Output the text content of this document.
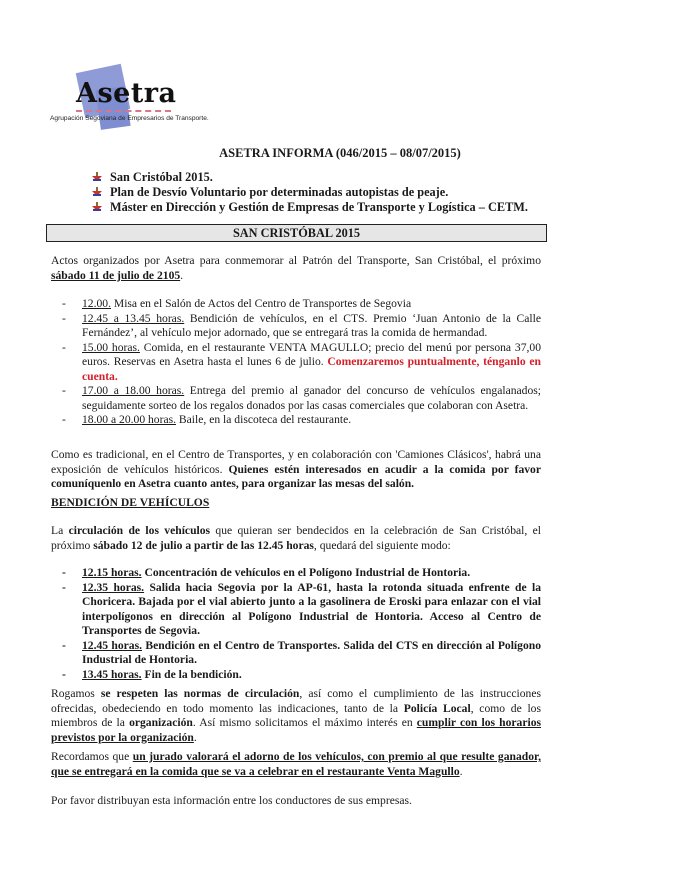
Asetra
Agrupación Segoviana de Empresarios de Transporte.
ASETRA INFORMA (046/2015 – 08/07/2015)
San Cristóbal 2015.
Plan de Desvío Voluntario por determinadas autopistas de peaje.
Máster en Dirección y Gestión de Empresas de Transporte y Logística – CETM.
SAN CRISTÓBAL 2015
Actos organizados por Asetra para conmemorar al Patrón del Transporte, San Cristóbal, el próximo sábado 11 de julio de 2105.
-	12.00. Misa en el Salón de Actos del Centro de Transportes de Segovia
-	12.45 a 13.45 horas. Bendición de vehículos, en el CTS. Premio ‘Juan Antonio de la Calle Fernández’, al vehículo mejor adornado, que se entregará tras la comida de hermandad.
-	15.00 horas. Comida, en el restaurante VENTA MAGULLO; precio del menú por persona 37,00 euros. Reservas en Asetra hasta el lunes 6 de julio. Comenzaremos puntualmente, ténganlo en cuenta.
-	17.00 a 18.00 horas. Entrega del premio al ganador del concurso de vehículos engalanados; seguidamente sorteo de los regalos donados por las casas comerciales que colaboran con Asetra.
-	18.00 a 20.00 horas. Baile, en la discoteca del restaurante.
Como es tradicional, en el Centro de Transportes, y en colaboración con 'Camiones Clásicos', habrá una exposición de vehículos históricos. Quienes estén interesados en acudir a la comida por favor comuníquenlo en Asetra cuanto antes, para organizar las mesas del salón.
BENDICIÓN DE VEHÍCULOS
La circulación de los vehículos que quieran ser bendecidos en la celebración de San Cristóbal, el próximo sábado 12 de julio a partir de las 12.45 horas, quedará del siguiente modo:
-	12.15 horas. Concentración de vehículos en el Polígono Industrial de Hontoria.
-	12.35 horas. Salida hacia Segovia por la AP-61, hasta la rotonda situada enfrente de la Choricera. Bajada por el vial abierto junto a la gasolinera de Eroski para enlazar con el vial interpolígonos en dirección al Polígono Industrial de Hontoria. Acceso al Centro de Transportes de Segovia.
-	12.45 horas. Bendición en el Centro de Transportes. Salida del CTS en dirección al Polígono Industrial de Hontoria.
-	13.45 horas. Fin de la bendición.
Rogamos se respeten las normas de circulación, así como el cumplimiento de las instrucciones ofrecidas, obedeciendo en todo momento las indicaciones, tanto de la Policía Local, como de los miembros de la organización. Así mismo solicitamos el máximo interés en cumplir con los horarios previstos por la organización.
Recordamos que un jurado valorará el adorno de los vehículos, con premio al que resulte ganador, que se entregará en la comida que se va a celebrar en el restaurante Venta Magullo.
Por favor distribuyan esta información entre los conductores de sus empresas.
